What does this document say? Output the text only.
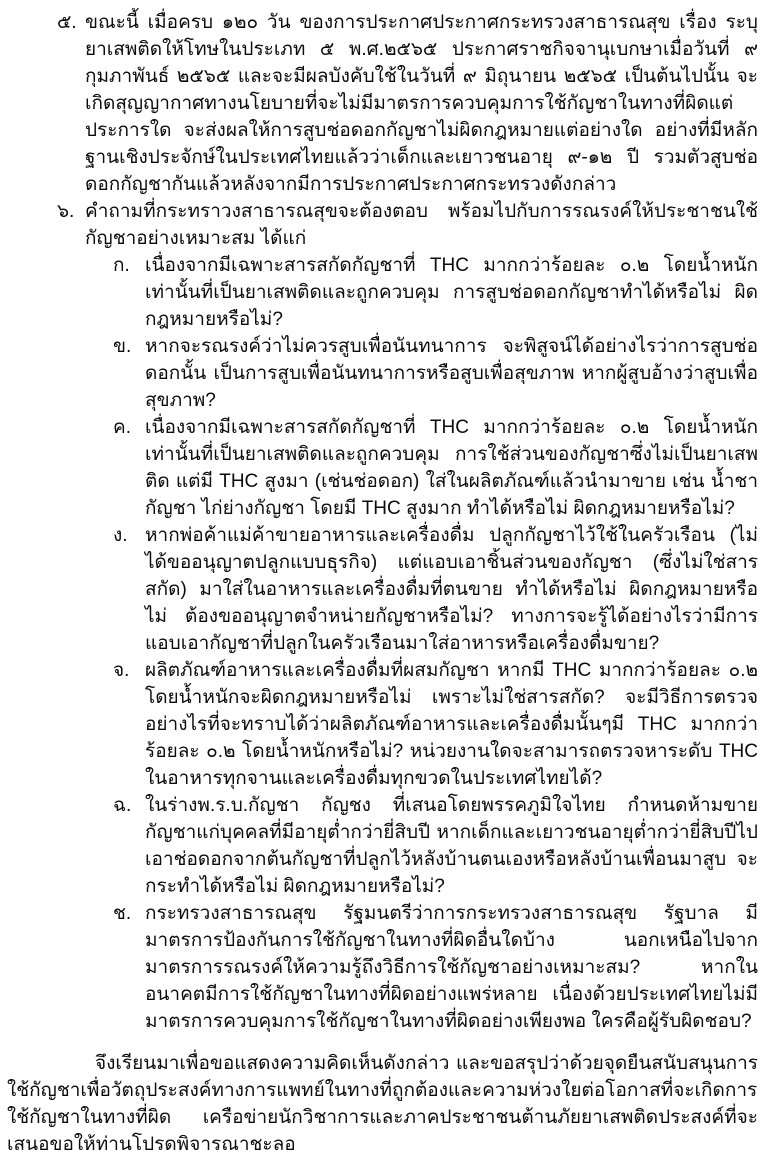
๕. ขณะนี้ เมื่อครบ ๑๒๐ วัน ของการประกาศประกาศกระทรวงสาธารณสุข เรื่อง ระบุยาเสพติดให้โทษในประเภท ๕ พ.ศ.๒๕๖๕ ประกาศราชกิจจานุเบกษาเมื่อวันที่ ๙ กุมภาพันธ์ ๒๕๖๕ และจะมีผลบังคับใช้ในวันที่ ๙ มิถุนายน ๒๕๖๕ เป็นต้นไปนั้น จะเกิดสุญญากาศทางนโยบายที่จะไม่มีมาตรการควบคุมการใช้กัญชาในทางที่ผิดแต่ประการใด จะส่งผลให้การสูบช่อดอกกัญชาไม่ผิดกฎหมายแต่อย่างใด อย่างที่มีหลักฐานเชิงประจักษ์ในประเทศไทยแล้วว่าเด็กและเยาวชนอายุ ๙-๑๒ ปี รวมตัวสูบช่อดอกกัญชากันแล้วหลังจากมีการประกาศประกาศกระทรวงดังกล่าว
๖. คำถามที่กระทราวงสาธารณสุขจะต้องตอบ พร้อมไปกับการรณรงค์ให้ประชาชนใช้กัญชาอย่างเหมาะสม ได้แก่
ก. เนื่องจากมีเฉพาะสารสกัดกัญชาที่ THC มากกว่าร้อยละ ๐.๒ โดยน้ำหนักเท่านั้นที่เป็นยาเสพติดและถูกควบคุม การสูบช่อดอกกัญชาทำได้หรือไม่ ผิดกฎหมายหรือไม่?
ข. หากจะรณรงค์ว่าไม่ควรสูบเพื่อนันทนาการ จะพิสูจน์ได้อย่างไรว่าการสูบช่อดอกนั้น เป็นการสูบเพื่อนันทนาการหรือสูบเพื่อสุขภาพ หากผู้สูบอ้างว่าสูบเพื่อสุขภาพ?
ค. เนื่องจากมีเฉพาะสารสกัดกัญชาที่ THC มากกว่าร้อยละ ๐.๒ โดยน้ำหนักเท่านั้นที่เป็นยาเสพติดและถูกควบคุม การใช้ส่วนของกัญชาซึ่งไม่เป็นยาเสพติด แต่มี THC สูงมา (เช่นช่อดอก) ใส่ในผลิตภัณฑ์แล้วนำมาขาย เช่น น้ำชากัญชา ไก่ย่างกัญชา โดยมี THC สูงมาก ทำได้หรือไม่ ผิดกฎหมายหรือไม่?
ง. หากพ่อค้าแม่ค้าขายอาหารและเครื่องดื่ม ปลูกกัญชาไว้ใช้ในครัวเรือน (ไม่ได้ขออนุญาตปลูกแบบธุรกิจ) แต่แอบเอาชิ้นส่วนของกัญชา (ซึ่งไม่ใช่สารสกัด) มาใส่ในอาหารและเครื่องดื่มที่ตนขาย ทำได้หรือไม่ ผิดกฎหมายหรือไม่ ต้องขออนุญาตจำหน่ายกัญชาหรือไม่? ทางการจะรู้ได้อย่างไรว่ามีการแอบเอากัญชาที่ปลูกในครัวเรือนมาใส่อาหารหรือเครื่องดื่มขาย?
จ. ผลิตภัณฑ์อาหารและเครื่องดื่มที่ผสมกัญชา หากมี THC มากกว่าร้อยละ ๐.๒ โดยน้ำหนักจะผิดกฎหมายหรือไม่ เพราะไม่ใช่สารสกัด? จะมีวิธีการตรวจอย่างไรที่จะทราบได้ว่าผลิตภัณฑ์อาหารและเครื่องดื่มนั้นๆมี THC มากกว่าร้อยละ ๐.๒ โดยน้ำหนักหรือไม่? หน่วยงานใดจะสามารถตรวจหาระดับ THC ในอาหารทุกจานและเครื่องดื่มทุกขวดในประเทศไทยได้?
ฉ. ในร่างพ.ร.บ.กัญชา กัญชง ที่เสนอโดยพรรคภูมิใจไทย กำหนดห้ามขายกัญชาแก่บุคคลที่มีอายุต่ำกว่ายี่สิบปี หากเด็กและเยาวชนอายุต่ำกว่ายี่สิบปีไปเอาช่อดอกจากต้นกัญชาที่ปลูกไว้หลังบ้านตนเองหรือหลังบ้านเพื่อนมาสูบ จะกระทำได้หรือไม่ ผิดกฎหมายหรือไม่?
ช. กระทรวงสาธารณสุข รัฐมนตรีว่าการกระทรวงสาธารณสุข รัฐบาล มีมาตรการป้องกันการใช้กัญชาในทางที่ผิดอื่นใดบ้าง นอกเหนือไปจากมาตรการรณรงค์ให้ความรู้ถึงวิธีการใช้กัญชาอย่างเหมาะสม? หากในอนาคตมีการใช้กัญชาในทางที่ผิดอย่างแพร่หลาย เนื่องด้วยประเทศไทยไม่มีมาตรการควบคุมการใช้กัญชาในทางที่ผิดอย่างเพียงพอ ใครคือผู้รับผิดชอบ?

จึงเรียนมาเพื่อขอแสดงความคิดเห็นดังกล่าว และขอสรุปว่าด้วยจุดยืนสนับสนุนการใช้กัญชาเพื่อวัตถุประสงค์ทางการแพทย์ในทางที่ถูกต้องและความห่วงใยต่อโอกาสที่จะเกิดการใช้กัญชาในทางที่ผิด เครือข่ายนักวิชาการและภาคประชาชนต้านภัยยาเสพติดประสงค์ที่จะเสนอขอให้ท่านโปรดพิจารณาชะลอ
